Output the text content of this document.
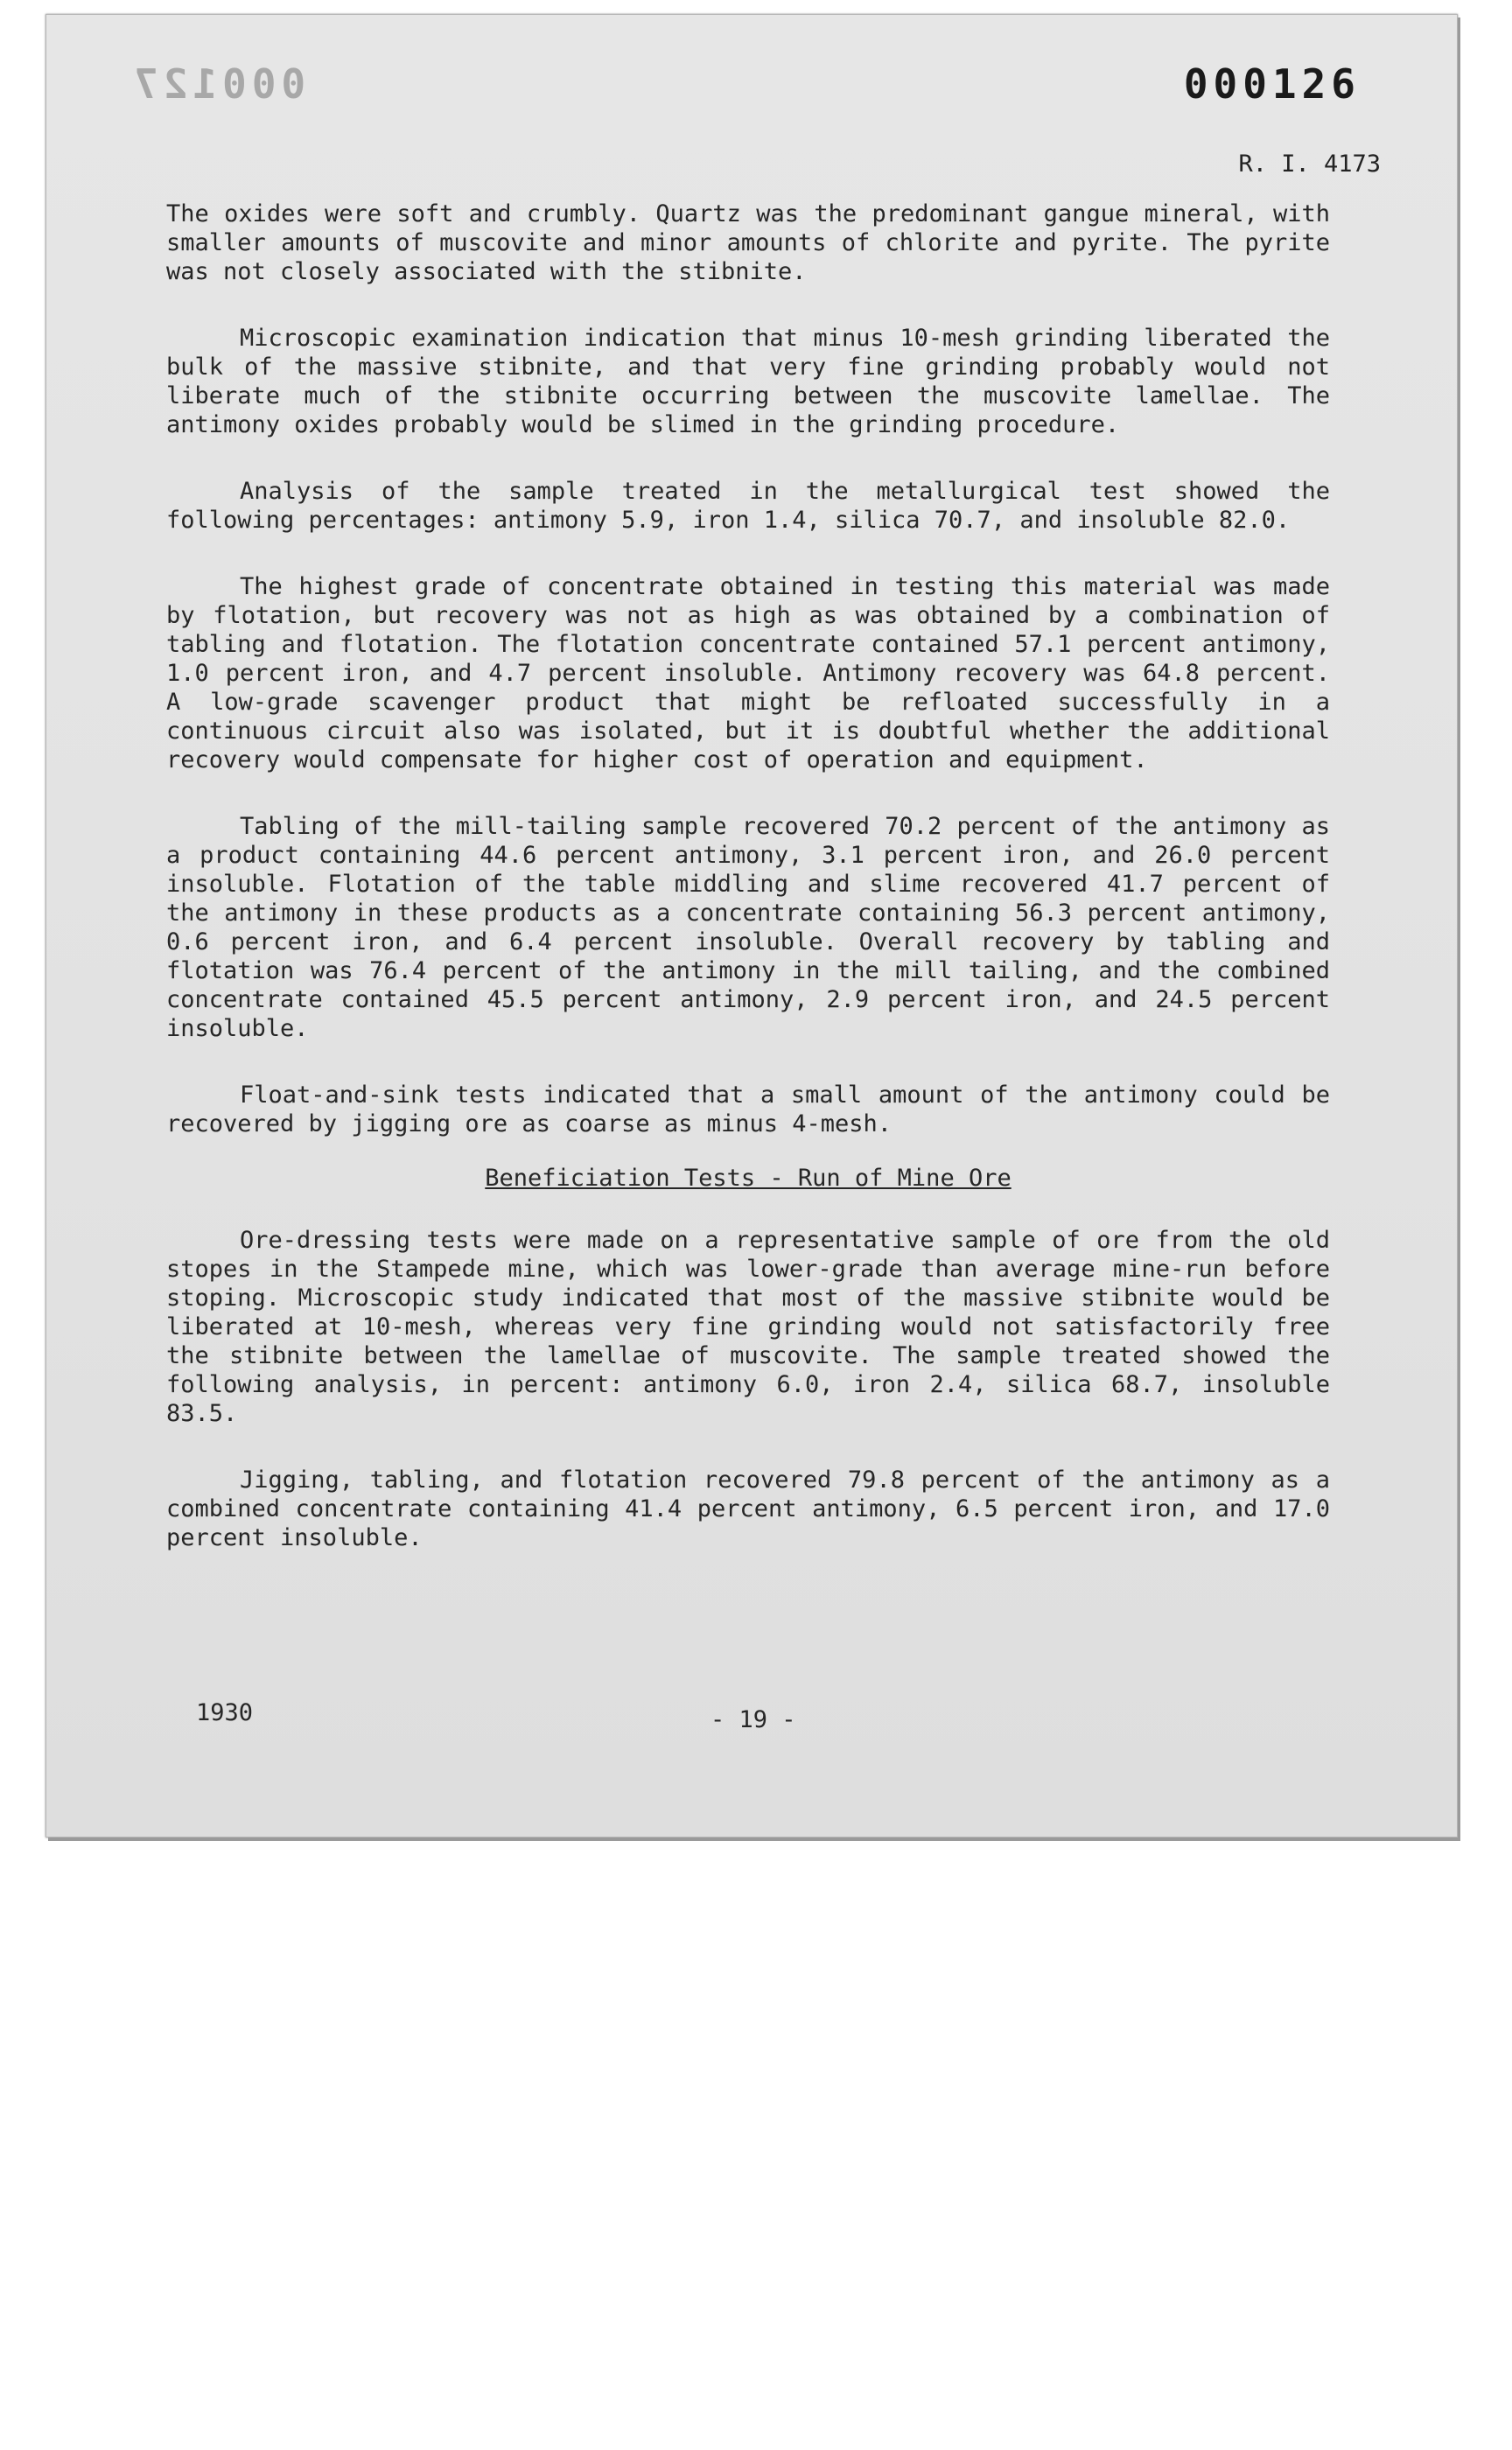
000127	000126
R. I. 4173

The oxides were soft and crumbly. Quartz was the predominant gangue mineral, with smaller amounts of muscovite and minor amounts of chlorite and pyrite. The pyrite was not closely associated with the stibnite.

Microscopic examination indication that minus 10-mesh grinding liberated the bulk of the massive stibnite, and that very fine grinding probably would not liberate much of the stibnite occurring between the muscovite lamellae. The antimony oxides probably would be slimed in the grinding procedure.

Analysis of the sample treated in the metallurgical test showed the following percentages: antimony 5.9, iron 1.4, silica 70.7, and insoluble 82.0.

The highest grade of concentrate obtained in testing this material was made by flotation, but recovery was not as high as was obtained by a combination of tabling and flotation. The flotation concentrate contained 57.1 percent antimony, 1.0 percent iron, and 4.7 percent insoluble. Antimony recovery was 64.8 percent. A low-grade scavenger product that might be refloated successfully in a continuous circuit also was isolated, but it is doubtful whether the additional recovery would compensate for higher cost of operation and equipment.

Tabling of the mill-tailing sample recovered 70.2 percent of the antimony as a product containing 44.6 percent antimony, 3.1 percent iron, and 26.0 percent insoluble. Flotation of the table middling and slime recovered 41.7 percent of the antimony in these products as a concentrate containing 56.3 percent antimony, 0.6 percent iron, and 6.4 percent insoluble. Overall recovery by tabling and flotation was 76.4 percent of the antimony in the mill tailing, and the combined concentrate contained 45.5 percent antimony, 2.9 percent iron, and 24.5 percent insoluble.

Float-and-sink tests indicated that a small amount of the antimony could be recovered by jigging ore as coarse as minus 4-mesh.

Beneficiation Tests - Run of Mine Ore

Ore-dressing tests were made on a representative sample of ore from the old stopes in the Stampede mine, which was lower-grade than average mine-run before stoping. Microscopic study indicated that most of the massive stibnite would be liberated at 10-mesh, whereas very fine grinding would not satisfactorily free the stibnite between the lamellae of muscovite. The sample treated showed the following analysis, in percent: antimony 6.0, iron 2.4, silica 68.7, insoluble 83.5.

Jigging, tabling, and flotation recovered 79.8 percent of the antimony as a combined concentrate containing 41.4 percent antimony, 6.5 percent iron, and 17.0 percent insoluble.

1930	- 19 -
